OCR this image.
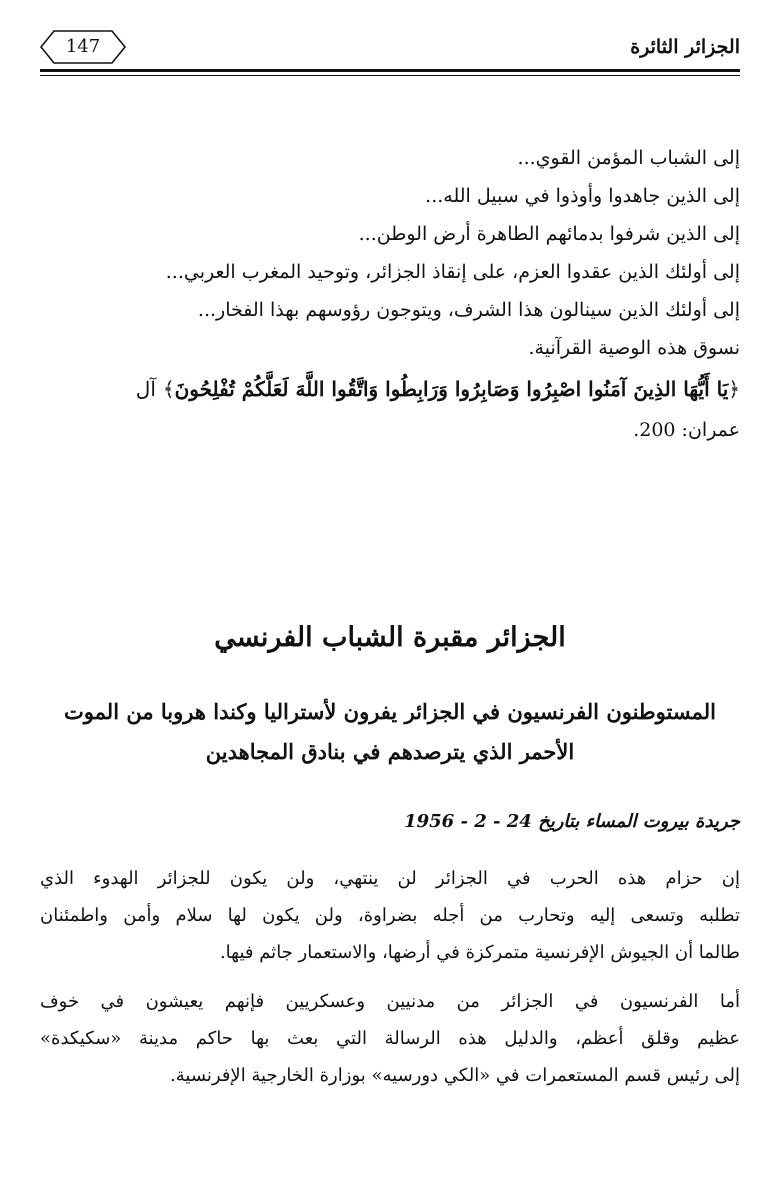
الجزائر الثائرة
147
إلى الشباب المؤمن القوي...
إلى الذين جاهدوا وأوذوا في سبيل الله...
إلى الذين شرفوا بدمائهم الطاهرة أرض الوطن...
إلى أولئك الذين عقدوا العزم، على إنقاذ الجزائر، وتوحيد المغرب العربي...
إلى أولئك الذين سينالون هذا الشرف، ويتوجون رؤوسهم بهذا الفخار...
نسوق هذه الوصية القرآنية.
﴿يَا أَيُّهَا الذِينَ آمَنُوا اصْبِرُوا وَصَابِرُوا وَرَابِطُوا وَاتَّقُوا اللَّهَ لَعَلَّكُمْ تُفْلِحُونَ﴾ آل
عمران: 200.
الجزائر مقبرة الشباب الفرنسي
المستوطنون الفرنسيون في الجزائر يفرون لأستراليا وكندا هروبا من الموت
الأحمر الذي يترصدهم في بنادق المجاهدين
جريدة بيروت المساء بتاريخ 24 - 2 - 1956
إن حزام هذه الحرب في الجزائر لن ينتهي، ولن يكون للجزائر الهدوء الذي
تطلبه وتسعى إليه وتحارب من أجله بضراوة، ولن يكون لها سلام وأمن واطمئنان
طالما أن الجيوش الإفرنسية متمركزة في أرضها، والاستعمار جاثم فيها.
أما الفرنسيون في الجزائر من مدنيين وعسكريين فإنهم يعيشون في خوف
عظيم وقلق أعظم، والدليل هذه الرسالة التي بعث بها حاكم مدينة «سكيكدة»
إلى رئيس قسم المستعمرات في «الكي دورسيه» بوزارة الخارجية الإفرنسية.
